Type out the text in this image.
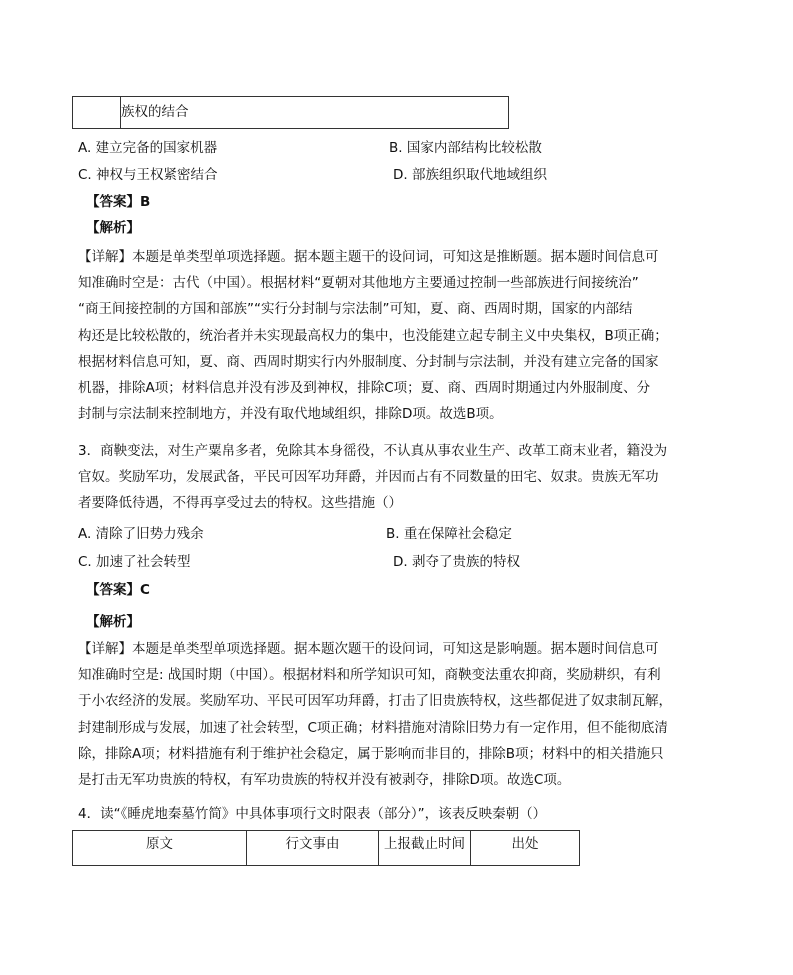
族权的结合
A. 建立完备的国家机器	B. 国家内部结构比较松散
C. 神权与王权紧密结合	D. 部族组织取代地域组织
【答案】B
【解析】
【详解】本题是单类型单项选择题。据本题主题干的设问词，可知这是推断题。据本题时间信息可
知准确时空是：古代（中国）。根据材料“夏朝对其他地方主要通过控制一些部族进行间接统治”
“商王间接控制的方国和部族”“实行分封制与宗法制”可知，夏、商、西周时期，国家的内部结
构还是比较松散的，统治者并未实现最高权力的集中，也没能建立起专制主义中央集权，B项正确；
根据材料信息可知，夏、商、西周时期实行内外服制度、分封制与宗法制，并没有建立完备的国家
机器，排除A项；材料信息并没有涉及到神权，排除C项；夏、商、西周时期通过内外服制度、分
封制与宗法制来控制地方，并没有取代地域组织，排除D项。故选B项。
3．商鞅变法，对生产粟帛多者，免除其本身徭役，不认真从事农业生产、改革工商末业者，籍没为
官奴。奖励军功，发展武备，平民可因军功拜爵，并因而占有不同数量的田宅、奴隶。贵族无军功
者要降低待遇，不得再享受过去的特权。这些措施（）
A. 清除了旧势力残余	B. 重在保障社会稳定
C. 加速了社会转型	D. 剥夺了贵族的特权
【答案】C
【解析】
【详解】本题是单类型单项选择题。据本题次题干的设问词，可知这是影响题。据本题时间信息可
知准确时空是: 战国时期（中国）。根据材料和所学知识可知，商鞅变法重农抑商，奖励耕织，有利
于小农经济的发展。奖励军功、平民可因军功拜爵，打击了旧贵族特权，这些都促进了奴隶制瓦解，
封建制形成与发展，加速了社会转型，C项正确；材料措施对清除旧势力有一定作用，但不能彻底清
除，排除A项；材料措施有利于维护社会稳定，属于影响而非目的，排除B项；材料中的相关措施只
是打击无军功贵族的特权，有军功贵族的特权并没有被剥夺，排除D项。故选C项。
4．读“《睡虎地秦墓竹简》中具体事项行文时限表（部分）”，该表反映秦朝（）
原文	行文事由	上报截止时间	出处
